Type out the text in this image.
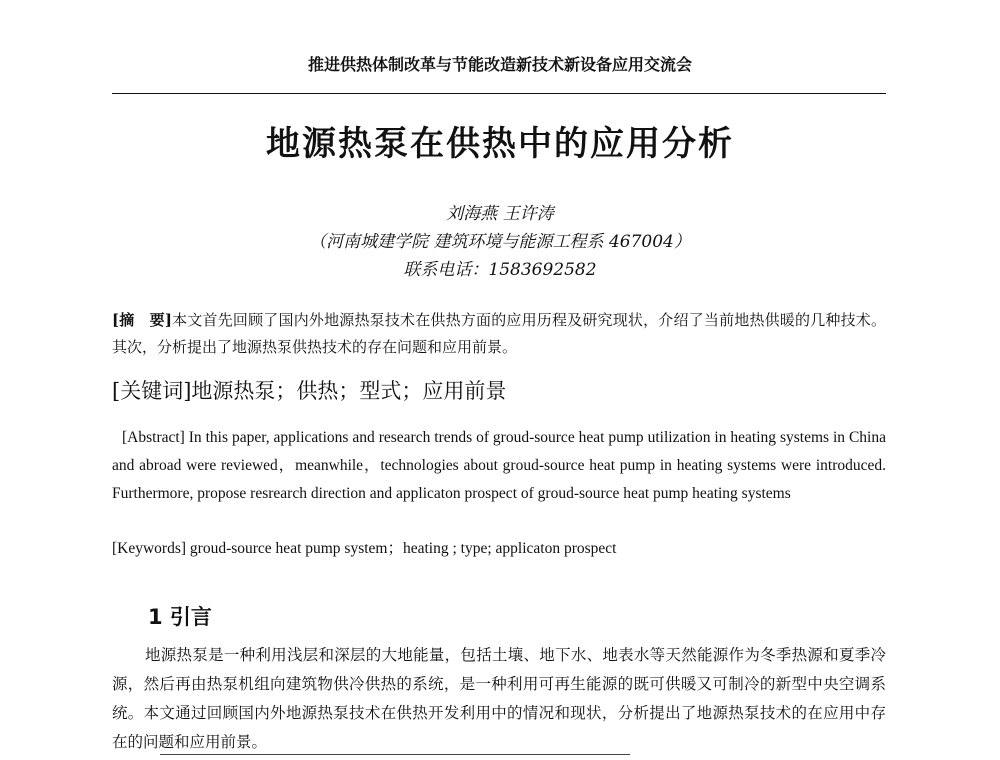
推进供热体制改革与节能改造新技术新设备应用交流会
地源热泵在供热中的应用分析
刘海燕 王许涛
（河南城建学院 建筑环境与能源工程系 467004）
联系电话：1583692582
[摘　要]本文首先回顾了国内外地源热泵技术在供热方面的应用历程及研究现状，介绍了当前地热供暖的几种技术。其次，分析提出了地源热泵供热技术的存在问题和应用前景。
[关键词]地源热泵；供热；型式；应用前景
[Abstract] In this paper, applications and research trends of groud-source heat pump utilization in heating systems in China and abroad were reviewed，meanwhile，technologies about groud-source heat pump in heating systems were introduced. Furthermore, propose resrearch direction and applicaton prospect of groud-source heat pump heating systems
[Keywords] groud-source heat pump system；heating ; type; applicaton prospect
1 引言
地源热泵是一种利用浅层和深层的大地能量，包括土壤、地下水、地表水等天然能源作为冬季热源和夏季冷源，然后再由热泵机组向建筑物供冷供热的系统，是一种利用可再生能源的既可供暖又可制冷的新型中央空调系统。本文通过回顾国内外地源热泵技术在供热开发利用中的情况和现状，分析提出了地源热泵技术的在应用中存在的问题和应用前景。
